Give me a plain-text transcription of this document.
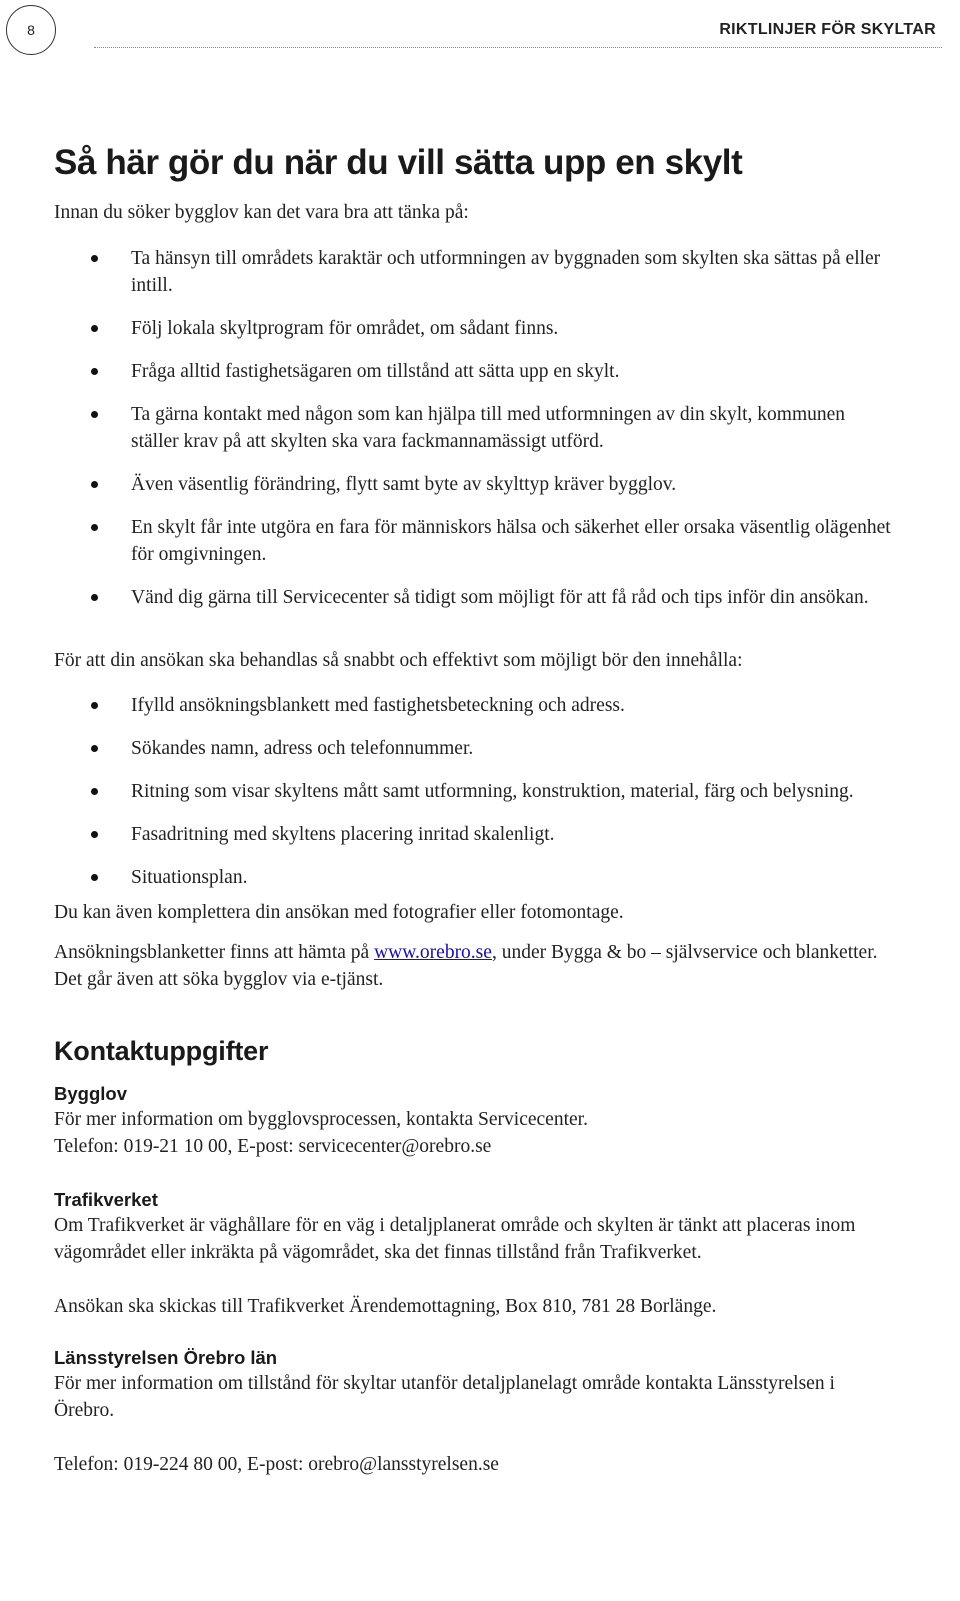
8	RIKTLINJER FÖR SKYLTAR
Så här gör du när du vill sätta upp en skylt

Innan du söker bygglov kan det vara bra att tänka på:

Ta hänsyn till områdets karaktär och utformningen av byggnaden som skylten ska sättas på eller intill.
Följ lokala skyltprogram för området, om sådant finns.
Fråga alltid fastighetsägaren om tillstånd att sätta upp en skylt.
Ta gärna kontakt med någon som kan hjälpa till med utformningen av din skylt, kommunen ställer krav på att skylten ska vara fackmannamässigt utförd.
Även väsentlig förändring, flytt samt byte av skylttyp kräver bygglov.
En skylt får inte utgöra en fara för människors hälsa och säkerhet eller orsaka väsentlig olägenhet för omgivningen.
Vänd dig gärna till Servicecenter så tidigt som möjligt för att få råd och tips inför din ansökan.

För att din ansökan ska behandlas så snabbt och effektivt som möjligt bör den innehålla:

Ifylld ansökningsblankett med fastighetsbeteckning och adress.
Sökandes namn, adress och telefonnummer.
Ritning som visar skyltens mått samt utformning, konstruktion, material, färg och belysning.
Fasadritning med skyltens placering inritad skalenligt.
Situationsplan.

Du kan även komplettera din ansökan med fotografier eller fotomontage.

Ansökningsblanketter finns att hämta på www.orebro.se, under Bygga & bo – självservice och blanketter. Det går även att söka bygglov via e-tjänst.

Kontaktuppgifter
Bygglov

För mer information om bygglovsprocessen, kontakta Servicecenter.

Telefon: 019-21 10 00, E-post: servicecenter@orebro.se

Trafikverket

Om Trafikverket är väghållare för en väg i detaljplanerat område och skylten är tänkt att placeras inom vägområdet eller inkräkta på vägområdet, ska det finnas tillstånd från Trafikverket.

Ansökan ska skickas till Trafikverket Ärendemottagning, Box 810, 781 28 Borlänge.

Länsstyrelsen Örebro län

För mer information om tillstånd för skyltar utanför detaljplanelagt område kontakta Länsstyrelsen i Örebro.

Telefon: 019-224 80 00, E-post: orebro@lansstyrelsen.se
